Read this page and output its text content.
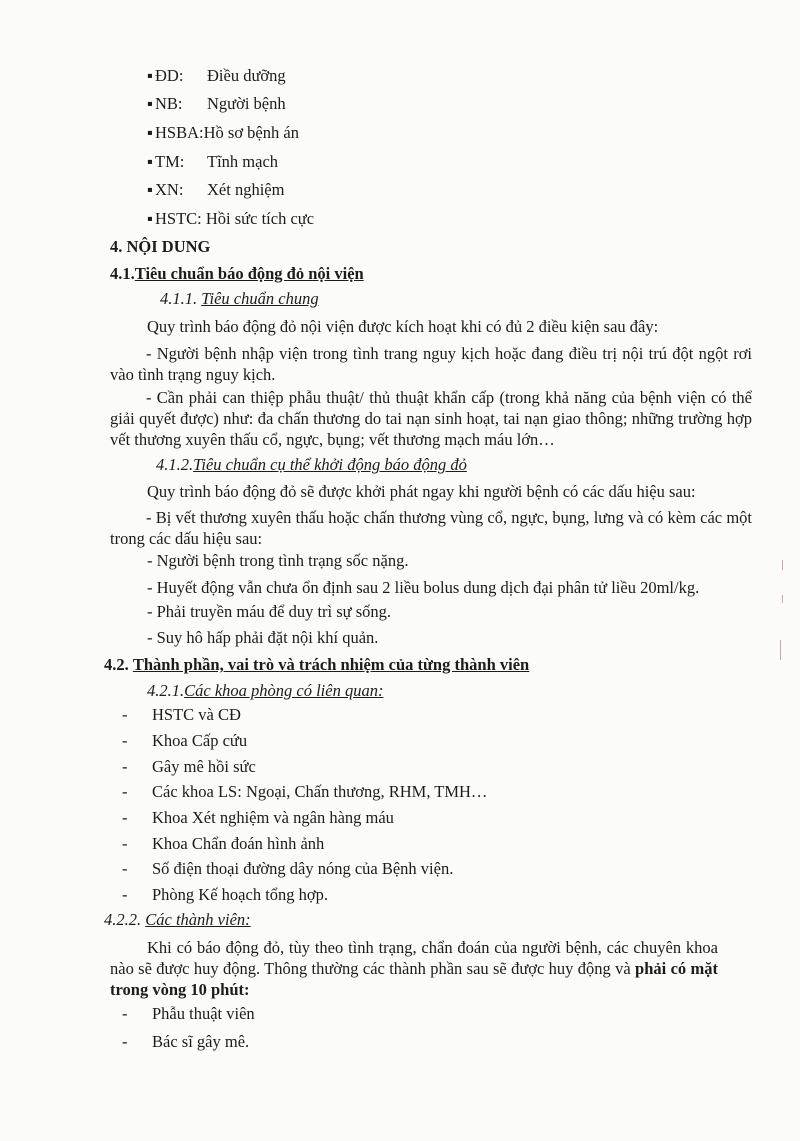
▪ ĐD: Điều dưỡng
▪ NB: Người bệnh
▪ HSBA:Hồ sơ bệnh án
▪ TM: Tĩnh mạch
▪ XN: Xét nghiệm
▪ HSTC: Hồi sức tích cực
4. NỘI DUNG
4.1.Tiêu chuẩn báo động đỏ nội viện
4.1.1. Tiêu chuẩn chung
Quy trình báo động đỏ nội viện được kích hoạt khi có đủ 2 điều kiện sau đây:
- Người bệnh nhập viện trong tình trang nguy kịch hoặc đang điều trị nội trú đột ngột rơi vào tình trạng nguy kịch.
- Cần phải can thiệp phẫu thuật/ thủ thuật khẩn cấp (trong khả năng của bệnh viện có thể giải quyết được) như: đa chấn thương do tai nạn sinh hoạt, tai nạn giao thông; những trường hợp vết thương xuyên thấu cổ, ngực, bụng; vết thương mạch máu lớn…
4.1.2.Tiêu chuẩn cụ thể khởi động báo động đỏ
Quy trình báo động đỏ sẽ được khởi phát ngay khi người bệnh có các dấu hiệu sau:
- Bị vết thương xuyên thấu hoặc chấn thương vùng cổ, ngực, bụng, lưng và có kèm các một trong các dấu hiệu sau:
- Người bệnh trong tình trạng sốc nặng.
- Huyết động vẫn chưa ổn định sau 2 liều bolus dung dịch đại phân tử liều 20ml/kg.
- Phải truyền máu để duy trì sự sống.
- Suy hô hấp phải đặt nội khí quản.
4.2. Thành phần, vai trò và trách nhiệm của từng thành viên
4.2.1.Các khoa phòng có liên quan:
- HSTC và CĐ
- Khoa Cấp cứu
- Gây mê hồi sức
- Các khoa LS: Ngoại, Chấn thương, RHM, TMH…
- Khoa Xét nghiệm và ngân hàng máu
- Khoa Chẩn đoán hình ảnh
- Số điện thoại đường dây nóng của Bệnh viện.
- Phòng Kế hoạch tổng hợp.
4.2.2. Các thành viên:
Khi có báo động đỏ, tùy theo tình trạng, chẩn đoán của người bệnh, các chuyên khoa nào sẽ được huy động. Thông thường các thành phần sau sẽ được huy động và phải có mặt trong vòng 10 phút:
- Phẫu thuật viên
- Bác sĩ gây mê.
